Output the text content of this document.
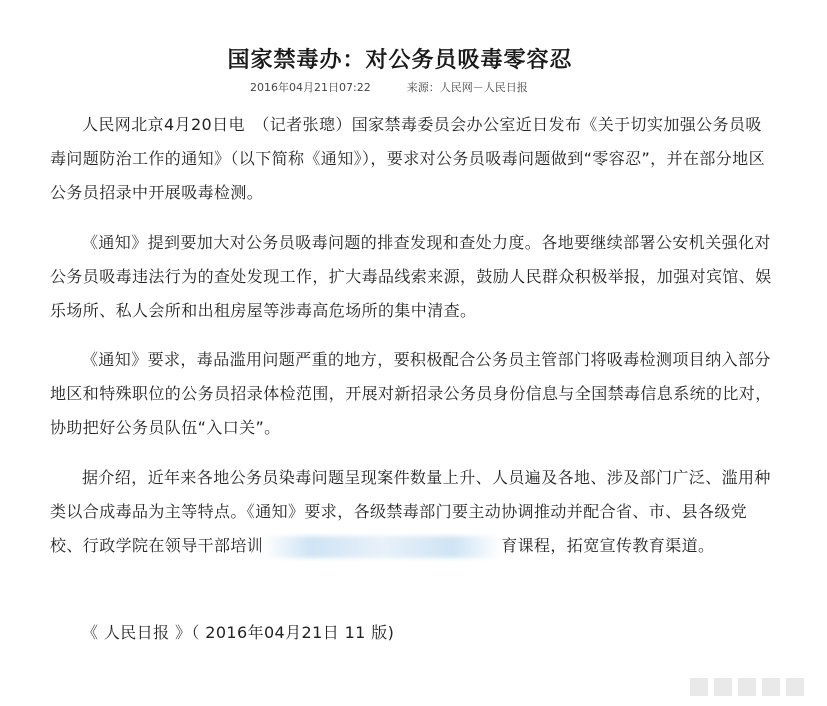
国家禁毒办：对公务员吸毒零容忍
2016年04月21日07:22	来源：人民网－人民日报

人民网北京4月20日电　（记者张璁）国家禁毒委员会办公室近日发布《关于切实加强公务员吸毒问题防治工作的通知》（以下简称《通知》），要求对公务员吸毒问题做到“零容忍”，并在部分地区公务员招录中开展吸毒检测。

《通知》提到要加大对公务员吸毒问题的排查发现和查处力度。各地要继续部署公安机关强化对公务员吸毒违法行为的查处发现工作，扩大毒品线索来源，鼓励人民群众积极举报，加强对宾馆、娱乐场所、私人会所和出租房屋等涉毒高危场所的集中清查。

《通知》要求，毒品滥用问题严重的地方，要积极配合公务员主管部门将吸毒检测项目纳入部分地区和特殊职位的公务员招录体检范围，开展对新招录公务员身份信息与全国禁毒信息系统的比对，协助把好公务员队伍“入口关”。

据介绍，近年来各地公务员染毒问题呈现案件数量上升、人员遍及各地、涉及部门广泛、滥用种类以合成毒品为主等特点。《通知》要求，各级禁毒部门要主动协调推动并配合省、市、县各级党校、行政学院在领导干部培训	育课程，拓宽宣传教育渠道。

《 人民日报 》（ 2016年04月21日 11 版)
